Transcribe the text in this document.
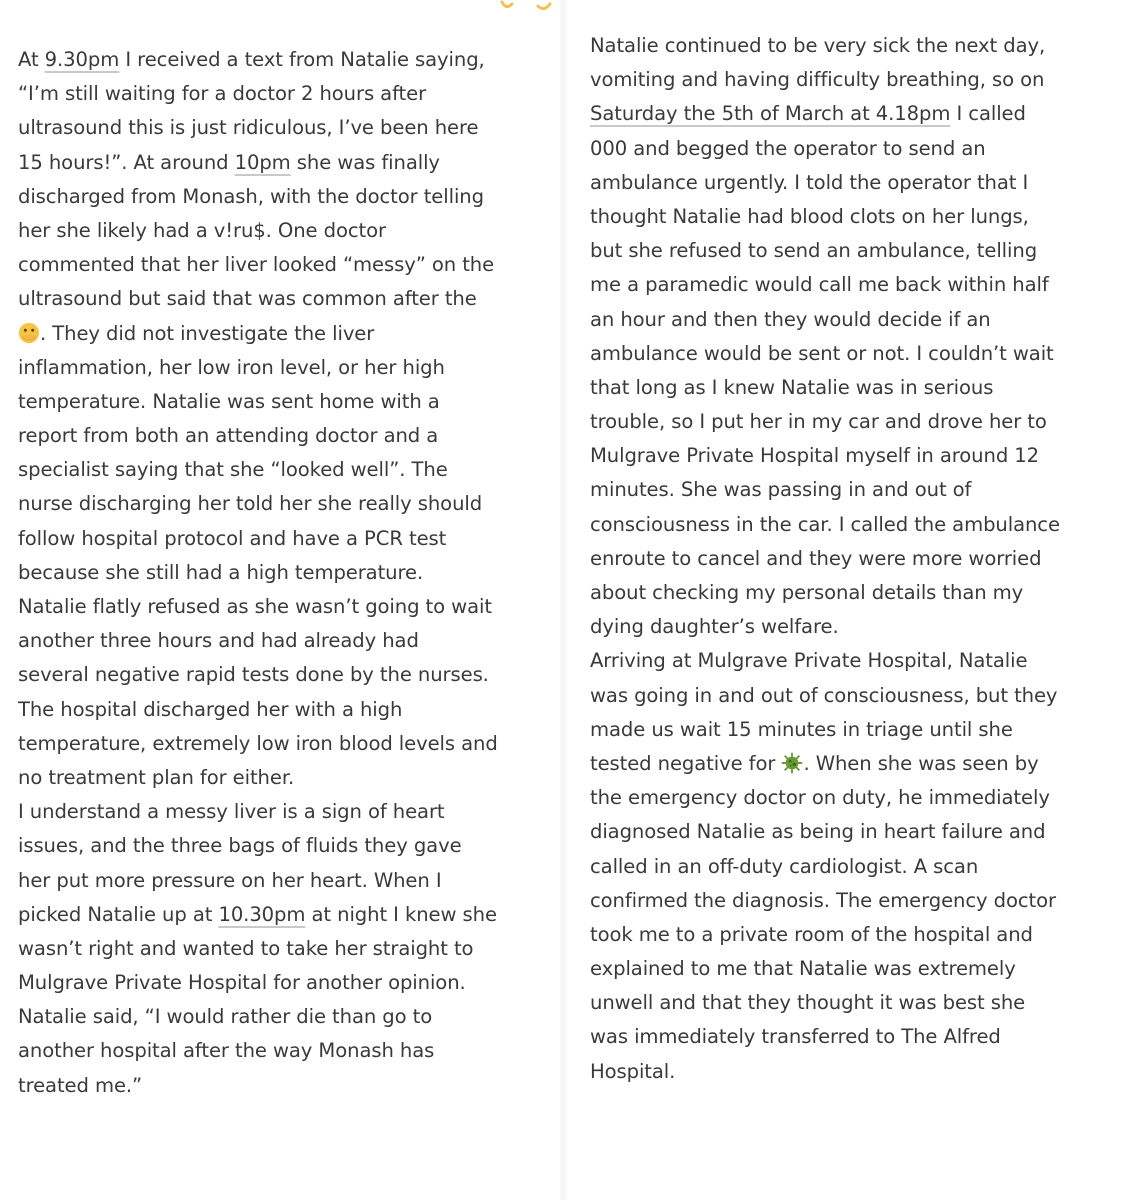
At 9.30pm I received a text from Natalie saying,
“I’m still waiting for a doctor 2 hours after
ultrasound this is just ridiculous, I’ve been here
15 hours!”. At around 10pm she was finally
discharged from Monash, with the doctor telling
her she likely had a v!ru$. One doctor
commented that her liver looked “messy” on the
ultrasound but said that was common after the
. They did not investigate the liver
inflammation, her low iron level, or her high
temperature. Natalie was sent home with a
report from both an attending doctor and a
specialist saying that she “looked well”. The
nurse discharging her told her she really should
follow hospital protocol and have a PCR test
because she still had a high temperature.
Natalie flatly refused as she wasn’t going to wait
another three hours and had already had
several negative rapid tests done by the nurses.
The hospital discharged her with a high
temperature, extremely low iron blood levels and
no treatment plan for either.
I understand a messy liver is a sign of heart
issues, and the three bags of fluids they gave
her put more pressure on her heart. When I
picked Natalie up at 10.30pm at night I knew she
wasn’t right and wanted to take her straight to
Mulgrave Private Hospital for another opinion.
Natalie said, “I would rather die than go to
another hospital after the way Monash has
treated me.”
Natalie continued to be very sick the next day,
vomiting and having difficulty breathing, so on
Saturday the 5th of March at 4.18pm I called
000 and begged the operator to send an
ambulance urgently. I told the operator that I
thought Natalie had blood clots on her lungs,
but she refused to send an ambulance, telling
me a paramedic would call me back within half
an hour and then they would decide if an
ambulance would be sent or not. I couldn’t wait
that long as I knew Natalie was in serious
trouble, so I put her in my car and drove her to
Mulgrave Private Hospital myself in around 12
minutes. She was passing in and out of
consciousness in the car. I called the ambulance
enroute to cancel and they were more worried
about checking my personal details than my
dying daughter’s welfare.
Arriving at Mulgrave Private Hospital, Natalie
was going in and out of consciousness, but they
made us wait 15 minutes in triage until she
tested negative for . When she was seen by
the emergency doctor on duty, he immediately
diagnosed Natalie as being in heart failure and
called in an off-duty cardiologist. A scan
confirmed the diagnosis. The emergency doctor
took me to a private room of the hospital and
explained to me that Natalie was extremely
unwell and that they thought it was best she
was immediately transferred to The Alfred
Hospital.
